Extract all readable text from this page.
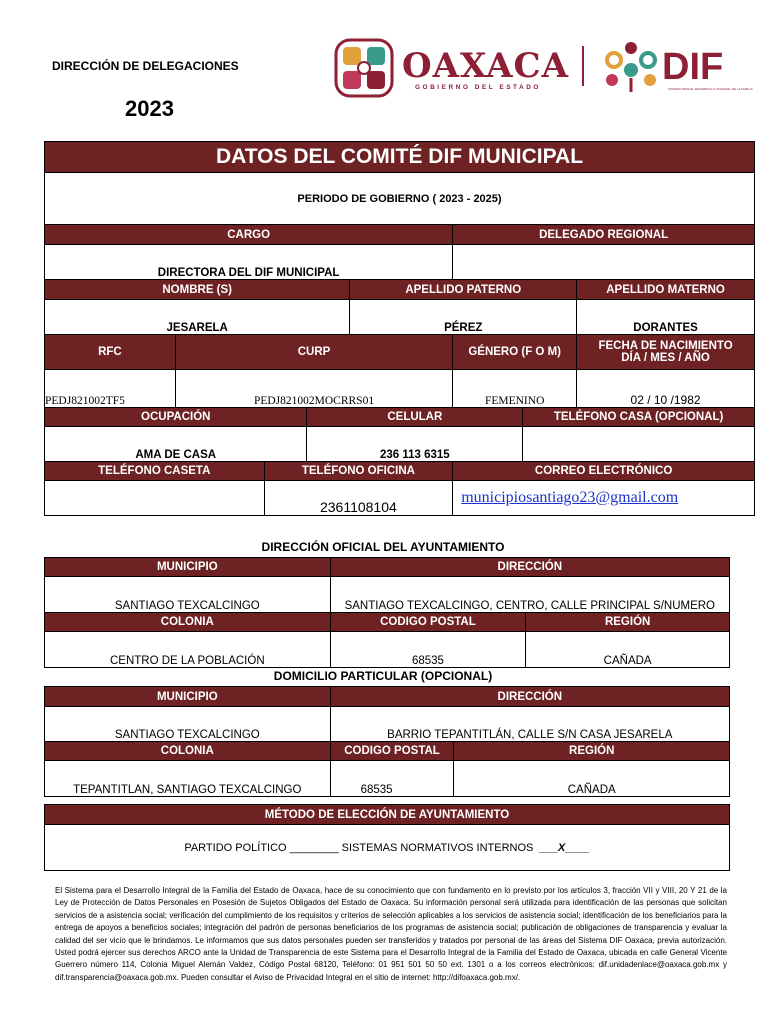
DIRECCIÓN DE DELEGACIONES
2023
OAXACA
GOBIERNO DEL ESTADO	DIF
SISTEMA PARA EL DESARROLLO INTEGRAL DE LA FAMILIA
DATOS DEL COMITÉ DIF MUNICIPAL							
PERIODO DE GOBIERNO ( 2023 - 2025)							
CARGO					DELEGADO REGIONAL		
DIRECTORA DEL DIF MUNICIPAL							
NOMBRE (S)				APELLIDO PATERNO			APELLIDO MATERNO
JESARELA				PÉREZ			DORANTES
RFC	CURP				GÉNERO (F O M)		FECHA DE NACIMIENTO
DÍA / MES / AÑO
PEDJ821002TF5	PEDJ821002MOCRRS01				FEMENINO		02 / 10 /1982
OCUPACIÓN			CELULAR			TELÉFONO CASA (OPCIONAL)	
AMA DE CASA			236 113 6315				
TELÉFONO CASETA		TELÉFONO OFICINA			CORREO ELECTRÓNICO		
		2361108104			municipiosantiago23@gmail.com		
DIRECCIÓN OFICIAL DEL AYUNTAMIENTO
MUNICIPIO	DIRECCIÓN	
SANTIAGO TEXCALCINGO	SANTIAGO TEXCALCINGO, CENTRO, CALLE PRINCIPAL S/NUMERO	
COLONIA	CODIGO POSTAL	REGIÓN
CENTRO DE LA POBLACIÓN	68535	CAÑADA
DOMICILIO PARTICULAR (OPCIONAL)
MUNICIPIO	DIRECCIÓN	
SANTIAGO TEXCALCINGO	BARRIO TEPANTITLÁN, CALLE S/N CASA JESARELA	
COLONIA	CODIGO POSTAL	REGIÓN
TEPANTITLAN, SANTIAGO TEXCALCINGO	68535	CAÑADA
MÉTODO DE ELECCIÓN DE AYUNTAMIENTO
PARTIDO POLÍTICO ________ SISTEMAS NORMATIVOS INTERNOS ___X____
El Sistema para el Desarrollo Integral de la Familia del Estado de Oaxaca, hace de su conocimiento que con fundamento en lo previsto por los artículos 3, fracción VII y VIII, 20 Y 21 de la Ley de Protección de Datos Personales en Posesión de Sujetos Obligados del Estado de Oaxaca. Su información personal será utilizada para identificación de las personas que solicitan servicios de a asistencia social; verificación del cumplimiento de los requisitos y criterios de selección aplicables a los servicios de asistencia social; identificación de los beneficiarios para la entrega de apoyos a beneficios sociales; integración del padrón de personas beneficiarios de los programas de asistencia social; publicación de obligaciones de transparencia y evaluar la calidad del ser vicio que le brindamos. Le informamos que sus datos personales pueden ser transferidos y tratados por personal de las áreas del Sistema DIF Oaxaca, previa autorización. Usted podrá ejercer sus derechos ARCO ante la Unidad de Transparencia de este Sistema para el Desarrollo Integral de la Familia del Estado de Oaxaca, ubicada en calle General Vicente Guerrero número 114, Colonia Miguel Alemán Valdez, Código Postal 68120, Teléfono: 01 951 501 50 50 ext. 1301 o a los correos electrónicos: dif.unidadenlace@oaxaca.gob.mx y dif.transparencia@oaxaca.gob.mx. Pueden consultar el Aviso de Privacidad Integral en el sitio de internet: http://difoaxaca.gob.mx/.
